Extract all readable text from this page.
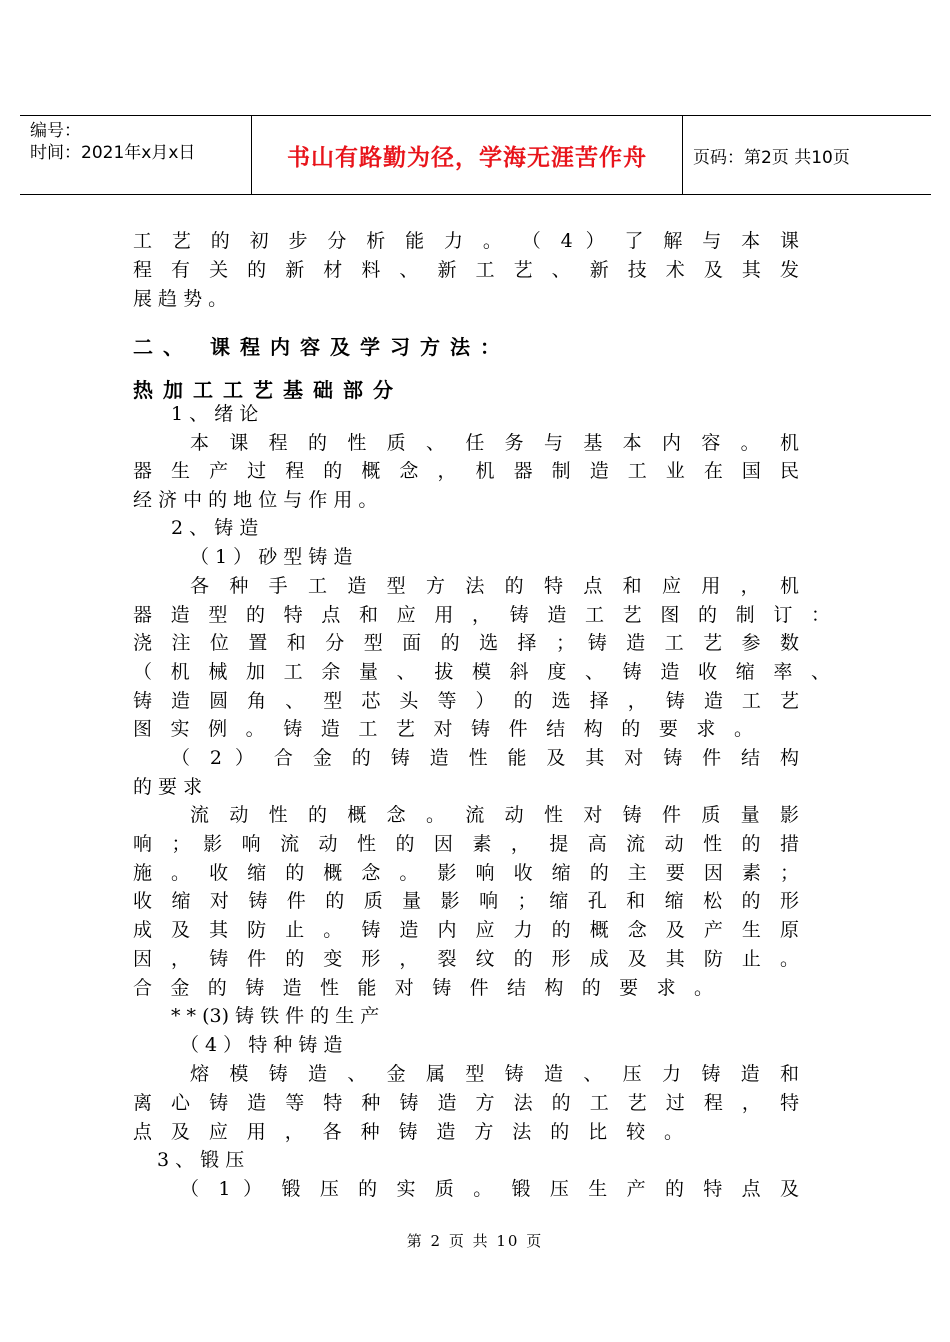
编号：
时间：2021年x月x日	书山有路勤为径，学海无涯苦作舟	页码：第2页 共10页
工 艺 的 初 步 分 析 能 力 。 （ 4 ） 了 解 与 本 课
程 有 关 的 新 材 料 、 新 工 艺 、 新 技 术 及 其 发
展 趋 势 。
二、 课程内容及学习方法：
热加工工艺基础部分
1 、 绪 论
本 课 程 的 性 质 、 任 务 与 基 本 内 容 。 机
器 生 产 过 程 的 概 念 ， 机 器 制 造 工 业 在 国 民
经 济 中 的 地 位 与 作 用 。
2 、 铸 造
（ 1 ） 砂 型 铸 造
各 种 手 工 造 型 方 法 的 特 点 和 应 用 ， 机
器 造 型 的 特 点 和 应 用 ， 铸 造 工 艺 图 的 制 订 ：
浇 注 位 置 和 分 型 面 的 选 择 ； 铸 造 工 艺 参 数
（ 机 械 加 工 余 量 、 拔 模 斜 度 、 铸 造 收 缩 率 、
铸 造 圆 角 、 型 芯 头 等 ） 的 选 择 ， 铸 造 工 艺
图 实 例 。 铸 造 工 艺 对 铸 件 结 构 的 要 求 。
（ 2 ） 合 金 的 铸 造 性 能 及 其 对 铸 件 结 构
的 要 求
流 动 性 的 概 念 。 流 动 性 对 铸 件 质 量 影
响 ； 影 响 流 动 性 的 因 素 ， 提 高 流 动 性 的 措
施 。 收 缩 的 概 念 。 影 响 收 缩 的 主 要 因 素 ；
收 缩 对 铸 件 的 质 量 影 响 ； 缩 孔 和 缩 松 的 形
成 及 其 防 止 。 铸 造 内 应 力 的 概 念 及 产 生 原
因 ， 铸 件 的 变 形 ， 裂 纹 的 形 成 及 其 防 止 。
合 金 的 铸 造 性 能 对 铸 件 结 构 的 要 求 。
* * (3) 铸 铁 件 的 生 产
（ 4 ） 特 种 铸 造
熔 模 铸 造 、 金 属 型 铸 造 、 压 力 铸 造 和
离 心 铸 造 等 特 种 铸 造 方 法 的 工 艺 过 程 ， 特
点 及 应 用 ， 各 种 铸 造 方 法 的 比 较 。
3 、 锻 压
（ 1 ） 锻 压 的 实 质 。 锻 压 生 产 的 特 点 及
第 2 页 共 10 页
